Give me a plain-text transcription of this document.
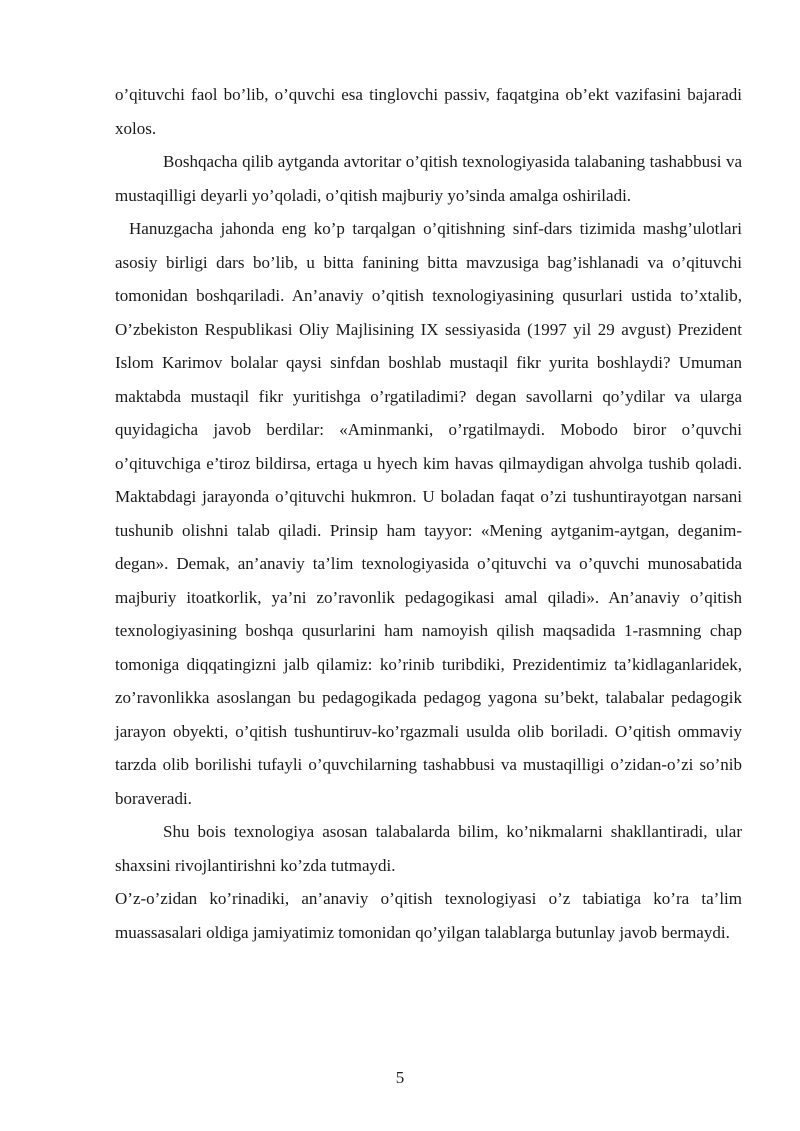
o’qituvchi faol bo’lib, o’quvchi esa tinglovchi passiv, faqatgina ob’ekt vazifasini bajaradi xolos.

Boshqacha qilib aytganda avtoritar o’qitish texnologiyasida talabaning tashabbusi va mustaqilligi deyarli yo’qoladi, o’qitish majburiy yo’sinda amalga oshiriladi.

Hanuzgacha jahonda eng ko’p tarqalgan o’qitishning sinf-dars tizimida mashg’ulotlari asosiy birligi dars bo’lib, u bitta fanining bitta mavzusiga bag’ishlanadi va o’qituvchi tomonidan boshqariladi. An’anaviy o’qitish texnologiyasining qusurlari ustida to’xtalib, O’zbekiston Respublikasi Oliy Majlisining IX sessiyasida (1997 yil 29 avgust) Prezident Islom Karimov bolalar qaysi sinfdan boshlab mustaqil fikr yurita boshlaydi? Umuman maktabda mustaqil fikr yuritishga o’rgatiladimi? degan savollarni qo’ydilar va ularga quyidagicha javob berdilar: «Aminmanki, o’rgatilmaydi. Mobodo biror o’quvchi o’qituvchiga e’tiroz bildirsa, ertaga u hyech kim havas qilmaydigan ahvolga tushib qoladi. Maktabdagi jarayonda o’qituvchi hukmron. U boladan faqat o’zi tushuntirayotgan narsani tushunib olishni talab qiladi. Prinsip ham tayyor: «Mening aytganim-aytgan, deganim-degan». Demak, an’anaviy ta’lim texnologiyasida o’qituvchi va o’quvchi munosabatida majburiy itoatkorlik, ya’ni zo’ravonlik pedagogikasi amal qiladi». An’anaviy o’qitish texnologiyasining boshqa qusurlarini ham namoyish qilish maqsadida 1-rasmning chap tomoniga diqqatingizni jalb qilamiz: ko’rinib turibdiki, Prezidentimiz ta’kidlaganlaridek, zo’ravonlikka asoslangan bu pedagogikada pedagog yagona su’bekt, talabalar pedagogik jarayon obyekti, o’qitish tushuntiruv-ko’rgazmali usulda olib boriladi. O’qitish ommaviy tarzda olib borilishi tufayli o’quvchilarning tashabbusi va mustaqilligi o’zidan-o’zi so’nib boraveradi.

Shu bois texnologiya asosan talabalarda bilim, ko’nikmalarni shakllantiradi, ular shaxsini rivojlantirishni ko’zda tutmaydi.

O’z-o’zidan ko’rinadiki, an’anaviy o’qitish texnologiyasi o’z tabiatiga ko’ra ta’lim muassasalari oldiga jamiyatimiz tomonidan qo’yilgan talablarga butunlay javob bermaydi.

5
